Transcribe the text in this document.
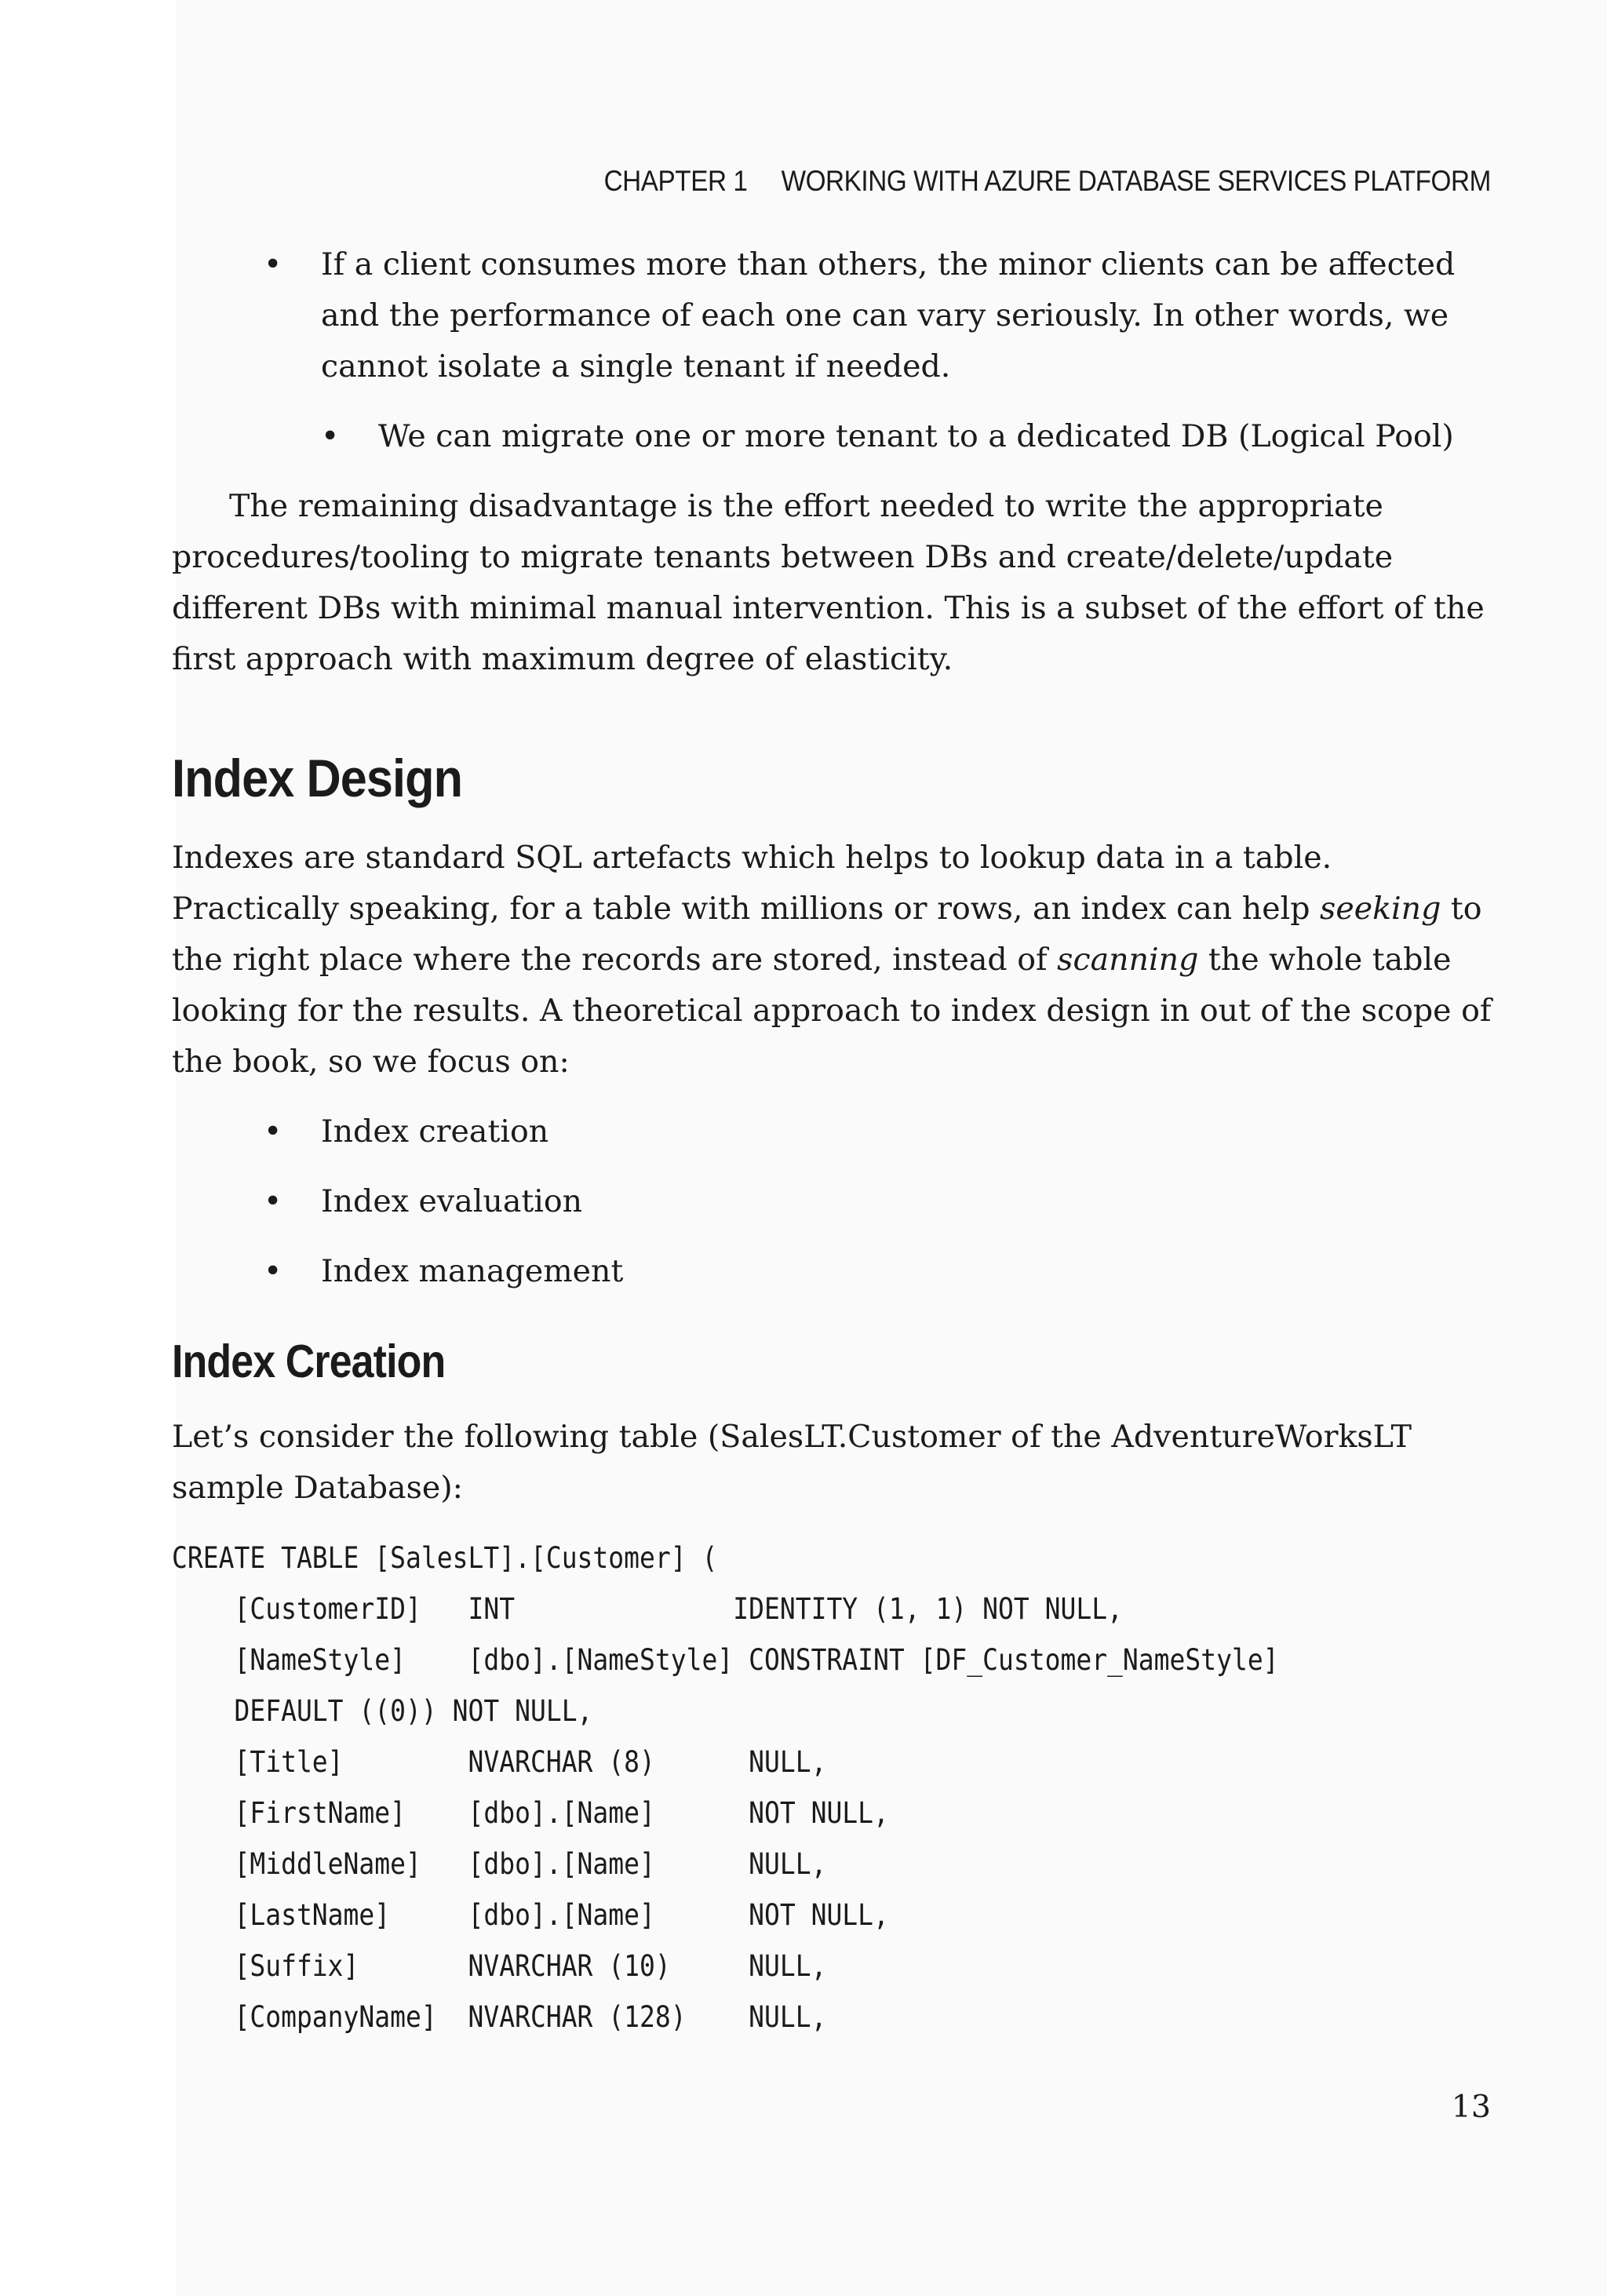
CHAPTER 1 WORKING WITH AZURE DATABASE SERVICES PLATFORM
• If a client consumes more than others, the minor clients can be affected and the performance of each one can vary seriously. In other words, we cannot isolate a single tenant if needed.
• We can migrate one or more tenant to a dedicated DB (Logical Pool)

The remaining disadvantage is the effort needed to write the appropriate procedures/tooling to migrate tenants between DBs and create/delete/update different DBs with minimal manual intervention. This is a subset of the effort of the first approach with maximum degree of elasticity.

Index Design

Indexes are standard SQL artefacts which helps to lookup data in a table. Practically speaking, for a table with millions or rows, an index can help seeking to the right place where the records are stored, instead of scanning the whole table looking for the results. A theoretical approach to index design in out of the scope of the book, so we focus on:

• Index creation
• Index evaluation
• Index management
Index Creation

Let’s consider the following table (SalesLT.Customer of the AdventureWorksLT sample Database):

CREATE TABLE [SalesLT].[Customer] (
[CustomerID]   INT              IDENTITY (1, 1) NOT NULL,
[NameStyle]    [dbo].[NameStyle] CONSTRAINT [DF_Customer_NameStyle]
DEFAULT ((0)) NOT NULL,
[Title]        NVARCHAR (8)      NULL,
[FirstName]    [dbo].[Name]      NOT NULL,
[MiddleName]   [dbo].[Name]      NULL,
[LastName]     [dbo].[Name]      NOT NULL,
[Suffix]       NVARCHAR (10)     NULL,
[CompanyName]  NVARCHAR (128)    NULL,
13
